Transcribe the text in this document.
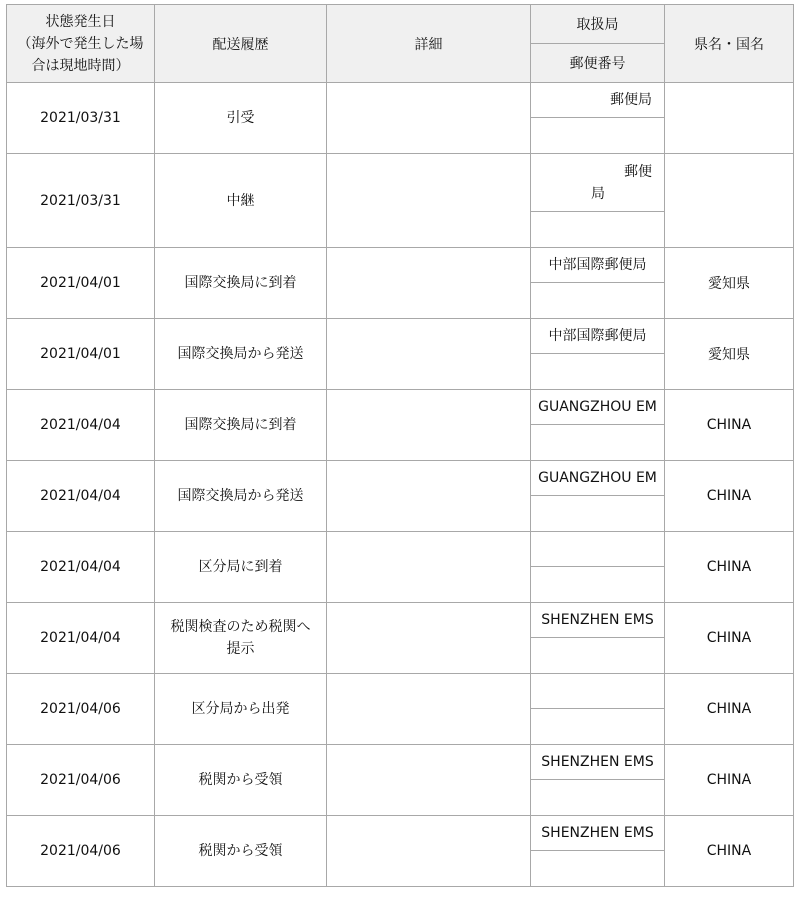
状態発生日
（海外で発生した場
合は現地時間）	配送履歴	詳細	取扱局	県名・国名
			郵便番号	
2021/03/31	引受		郵便局	

2021/03/31	中継		郵便
局	

2021/04/01	国際交換局に到着		中部国際郵便局	愛知県
2021/04/01	国際交換局から発送		中部国際郵便局	愛知県
2021/04/04	国際交換局に到着		GUANGZHOU EM	CHINA
2021/04/04	国際交換局から発送		GUANGZHOU EM	CHINA
2021/04/04	区分局に到着			CHINA
2021/04/04	税関検査のため税関へ
提示		SHENZHEN EMS	CHINA
2021/04/06	区分局から出発			CHINA
2021/04/06	税関から受領		SHENZHEN EMS	CHINA
2021/04/06	税関から受領		SHENZHEN EMS	CHINA
